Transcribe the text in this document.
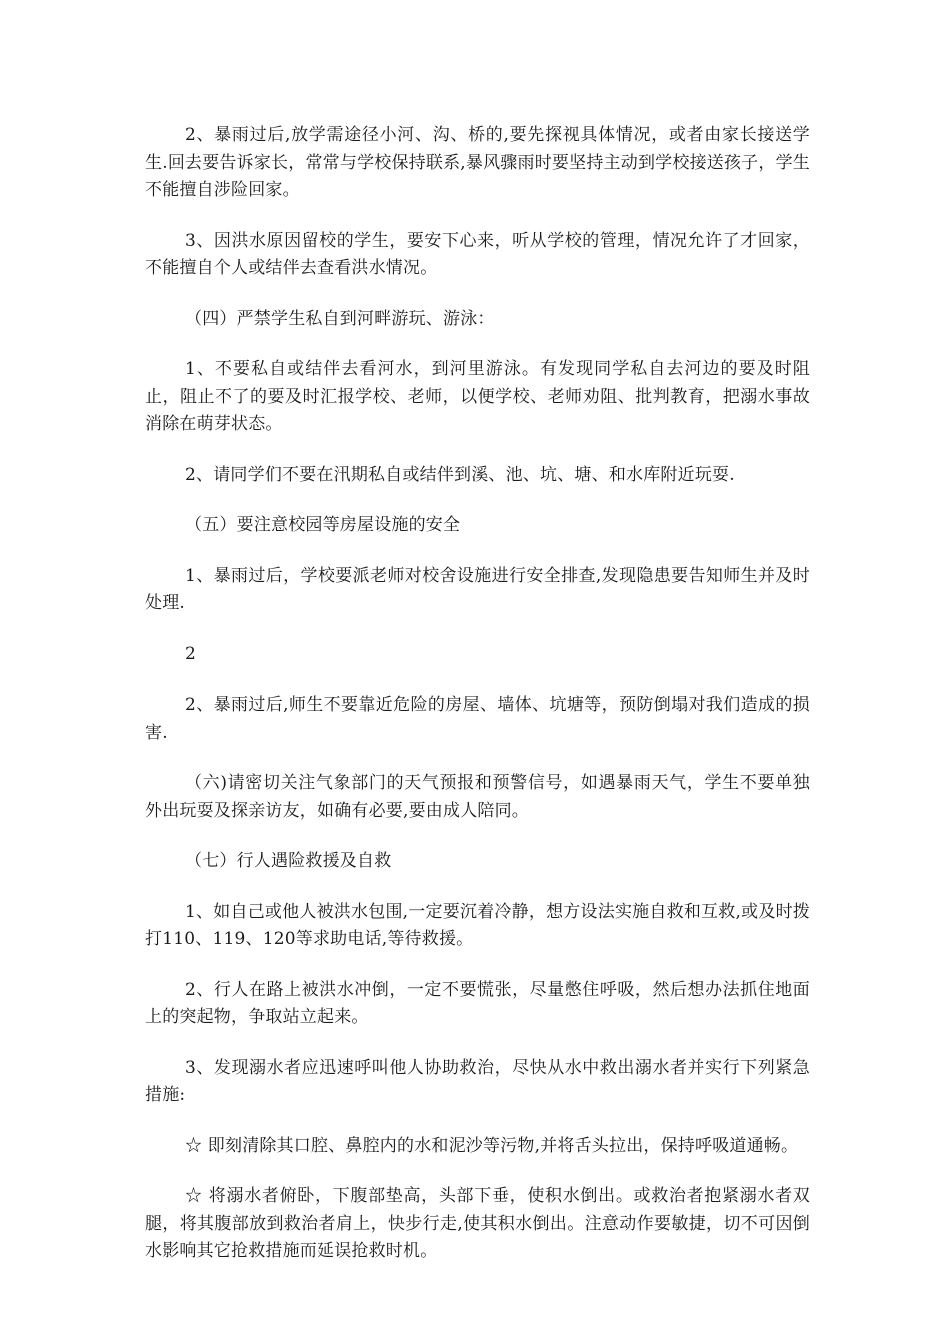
2、暴雨过后,放学需途径小河、沟、桥的,要先探视具体情况，或者由家长接送学生.回去要告诉家长，常常与学校保持联系,暴风骤雨时要坚持主动到学校接送孩子，学生不能擅自涉险回家。

3、因洪水原因留校的学生，要安下心来，听从学校的管理，情况允许了才回家，不能擅自个人或结伴去查看洪水情况。

（四）严禁学生私自到河畔游玩、游泳：

1、不要私自或结伴去看河水，到河里游泳。有发现同学私自去河边的要及时阻止，阻止不了的要及时汇报学校、老师，以便学校、老师劝阻、批判教育，把溺水事故消除在萌芽状态。

2、请同学们不要在汛期私自或结伴到溪、池、坑、塘、和水库附近玩耍.

（五）要注意校园等房屋设施的安全

1、暴雨过后，学校要派老师对校舍设施进行安全排查,发现隐患要告知师生并及时处理.

2

2、暴雨过后,师生不要靠近危险的房屋、墙体、坑塘等，预防倒塌对我们造成的损害.

（六)请密切关注气象部门的天气预报和预警信号，如遇暴雨天气，学生不要单独外出玩耍及探亲访友，如确有必要,要由成人陪同。

（七）行人遇险救援及自救

1、如自己或他人被洪水包围,一定要沉着冷静，想方设法实施自救和互救,或及时拨打110、119、120等求助电话,等待救援。

2、行人在路上被洪水冲倒，一定不要慌张，尽量憋住呼吸，然后想办法抓住地面上的突起物，争取站立起来。

3、发现溺水者应迅速呼叫他人协助救治，尽快从水中救出溺水者并实行下列紧急措施:

☆ 即刻清除其口腔、鼻腔内的水和泥沙等污物,并将舌头拉出，保持呼吸道通畅。

☆ 将溺水者俯卧，下腹部垫高，头部下垂，使积水倒出。或救治者抱紧溺水者双腿，将其腹部放到救治者肩上，快步行走,使其积水倒出。注意动作要敏捷，切不可因倒水影响其它抢救措施而延误抢救时机。
